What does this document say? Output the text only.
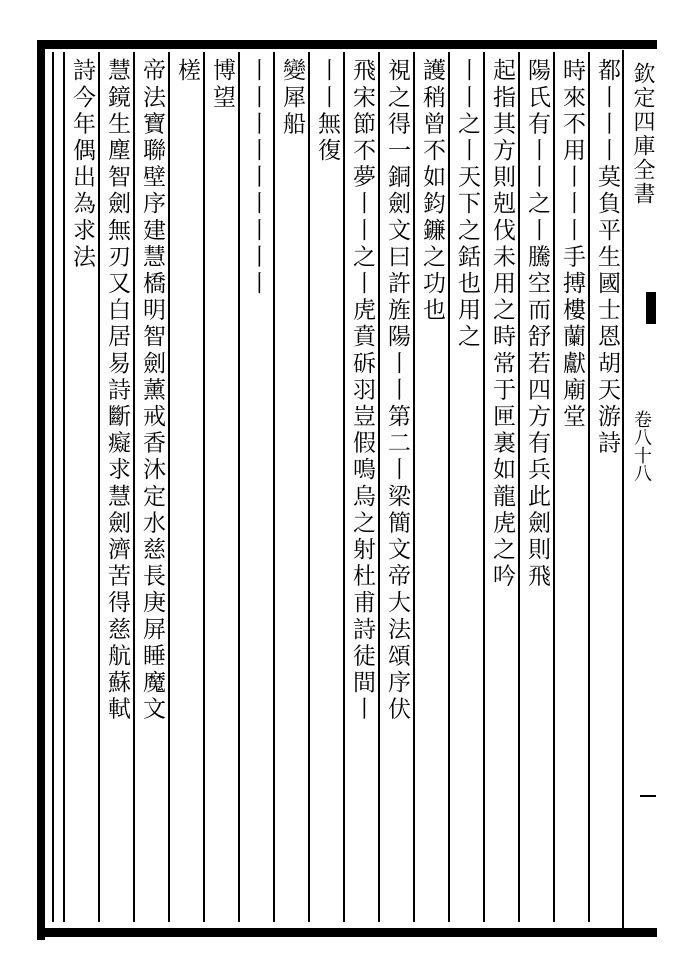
欽定四庫全書
卷八十八
都丨丨丨莫負平生國士恩胡天游詩
時來不用丨丨丨手搏樓蘭獻廟堂
陽氏有丨丨之丨騰空而舒若四方有兵此劍則飛
起指其方則剋伐未用之時常于匣裏如龍虎之吟
丨丨之丨天下之銛也用之
護稍曾不如鈞鐮之功也
視之得一銅劍文曰許旌陽丨丨第二丨梁簡文帝大法頌序伏
飛宋節不夢丨丨之丨虎賁䂨羽豈假鳴烏之射杜甫詩徒間丨
丨丨無復
變犀船
丨丨丨丨丨丨丨丨丨
博望
槎
帝法寶聯壁序建慧橋明智劍薰戒香沐定水慈長庚屏睡魔文
慧鏡生塵智劍無刃又白居易詩斷癡求慧劍濟苦得慈航蘇軾
詩今年偶出為求法
